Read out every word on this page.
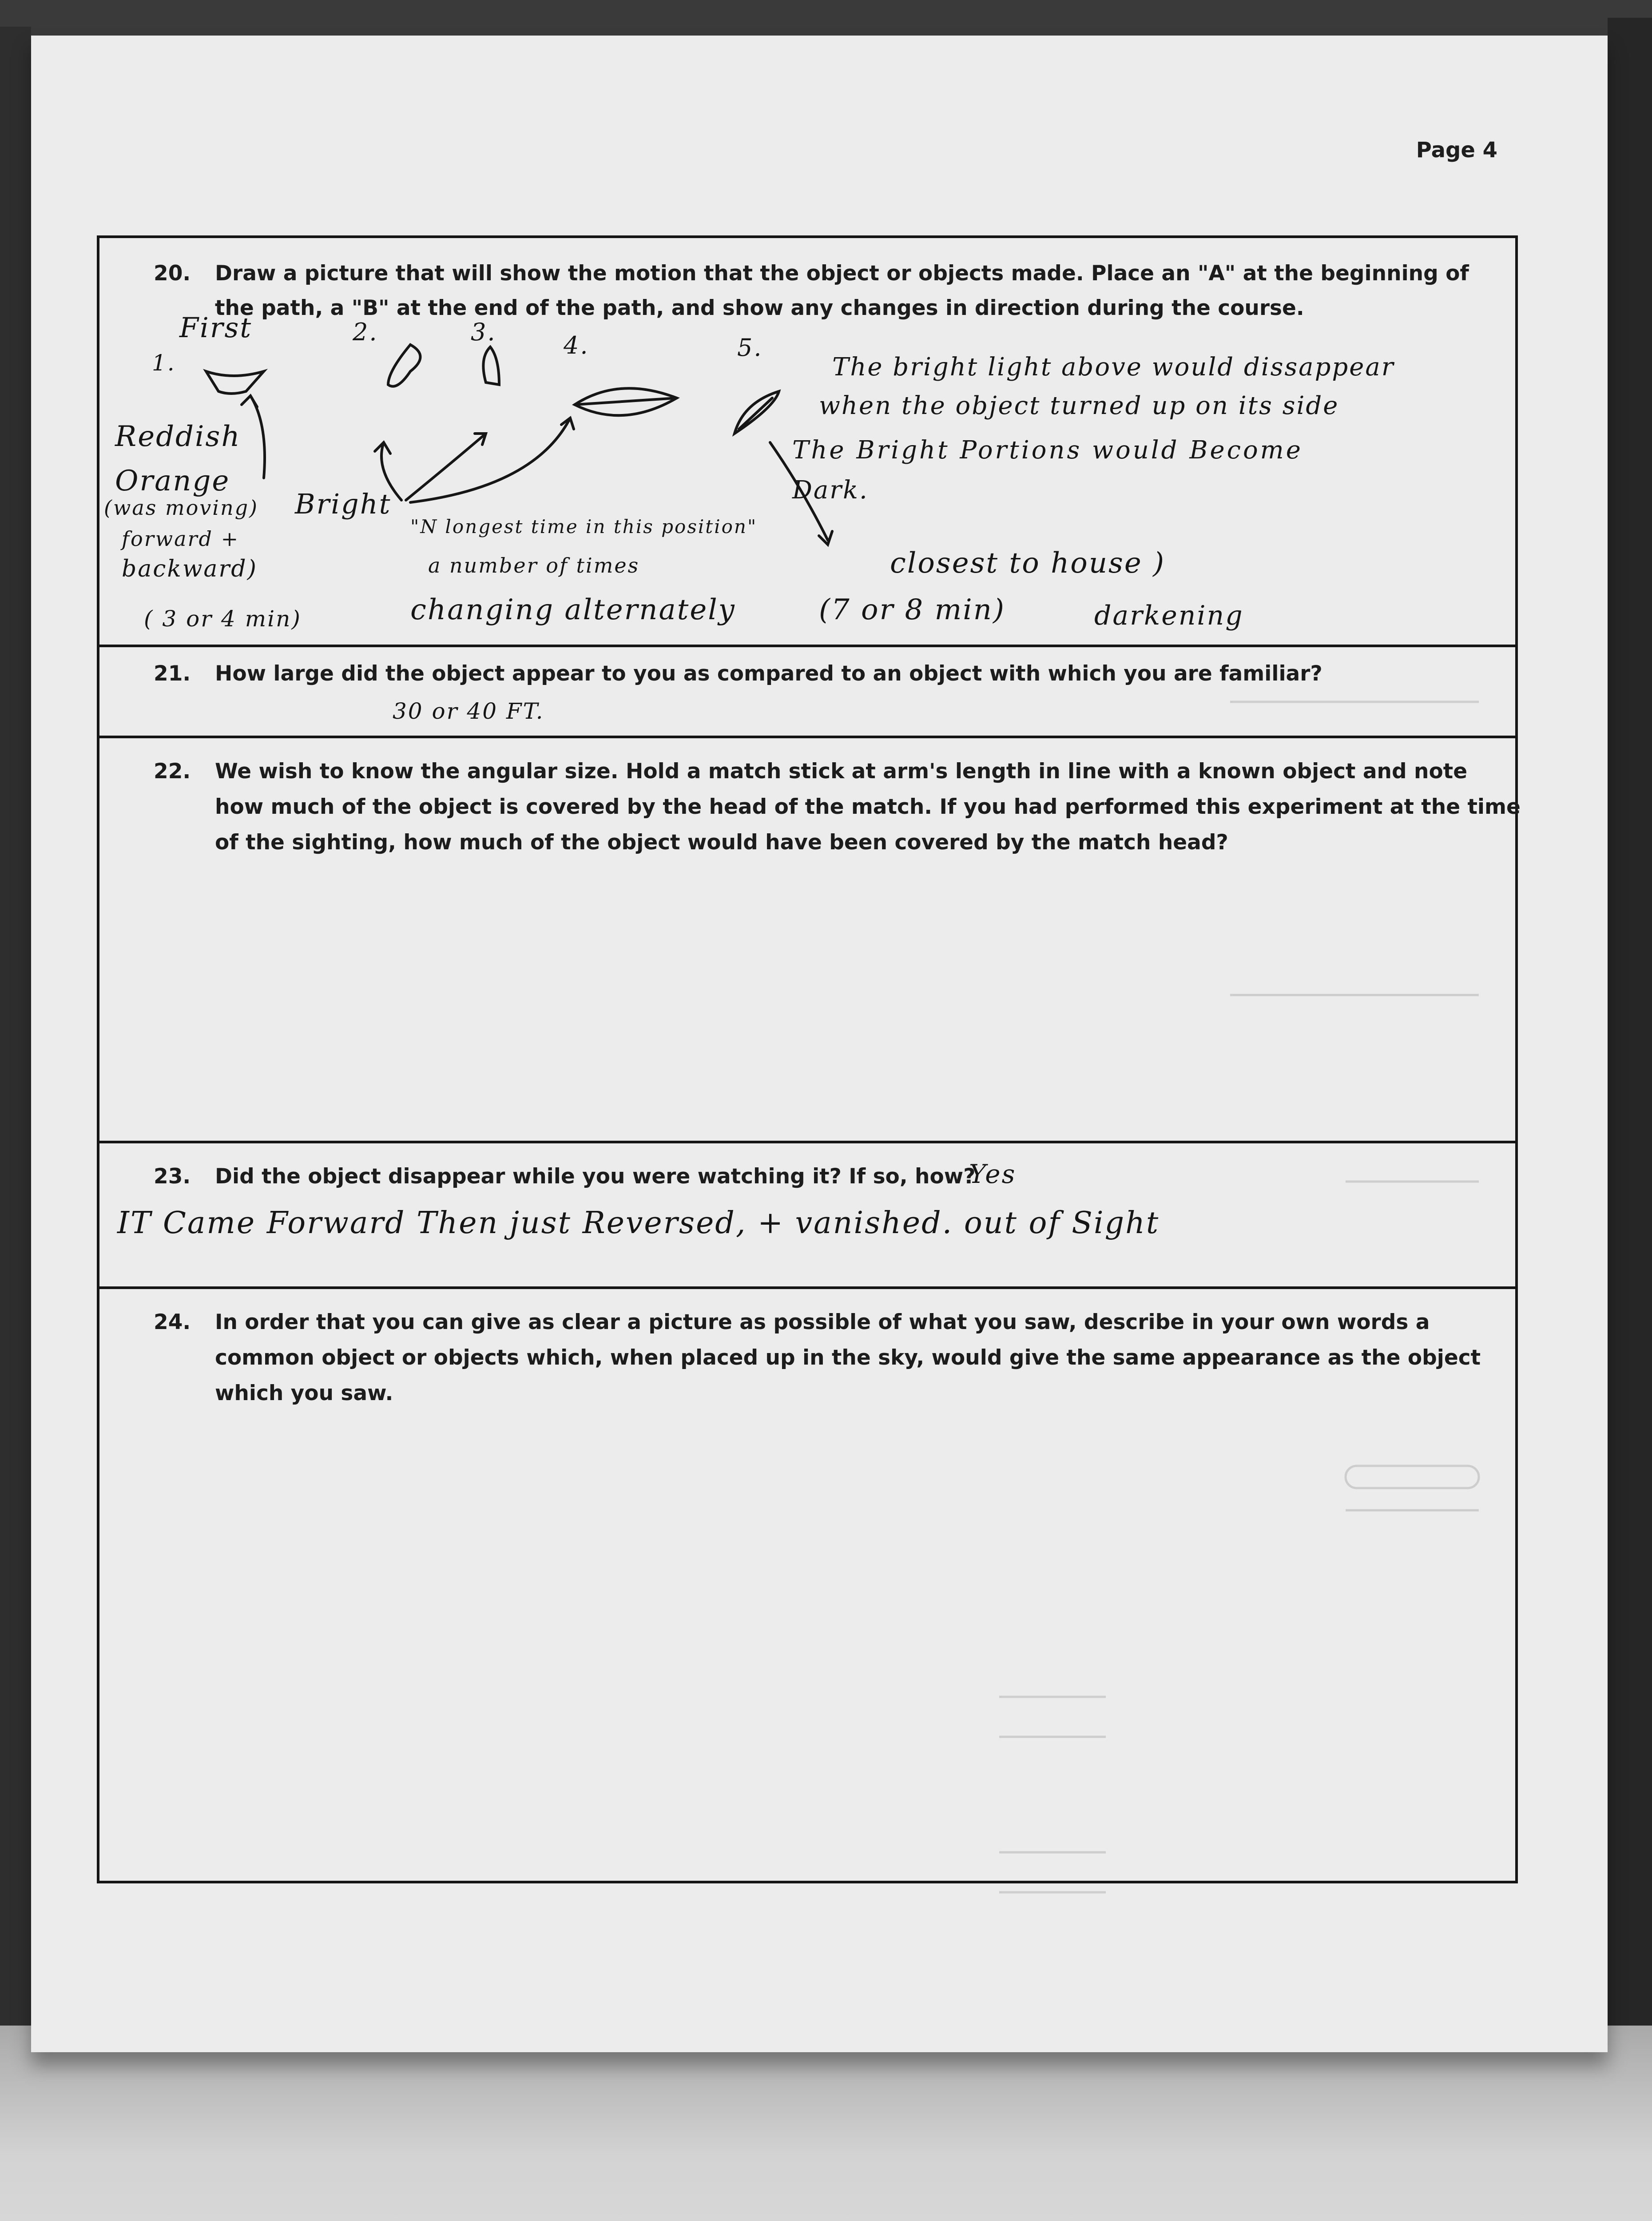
Page 4
20. Draw a picture that will show the motion that the object or objects made. Place an "A" at the beginning of
the path, a "B" at the end of the path, and show any changes in direction during the course.
1.
First	2.	3.	4.	5.
Reddish
Orange
(was moving)
forward +
backward)
( 3 or 4 min)
Bright
"N longest time in this position"
a number of times
changing alternately
closest to house )
(7 or 8 min)	darkening
The bright light above would dissappear
when the object turned up on its side
The Bright Portions would Become
Dark.
21. How large did the object appear to you as compared to an object with which you are familiar?
30 or 40 FT.
22. We wish to know the angular size. Hold a match stick at arm's length in line with a known object and note
how much of the object is covered by the head of the match. If you had performed this experiment at the time
of the sighting, how much of the object would have been covered by the match head?
23. Did the object disappear while you were watching it? If so, how?
Yes
IT Came Forward Then just Reversed, + vanished. out of Sight
24. In order that you can give as clear a picture as possible of what you saw, describe in your own words a
common object or objects which, when placed up in the sky, would give the same appearance as the object
which you saw.
